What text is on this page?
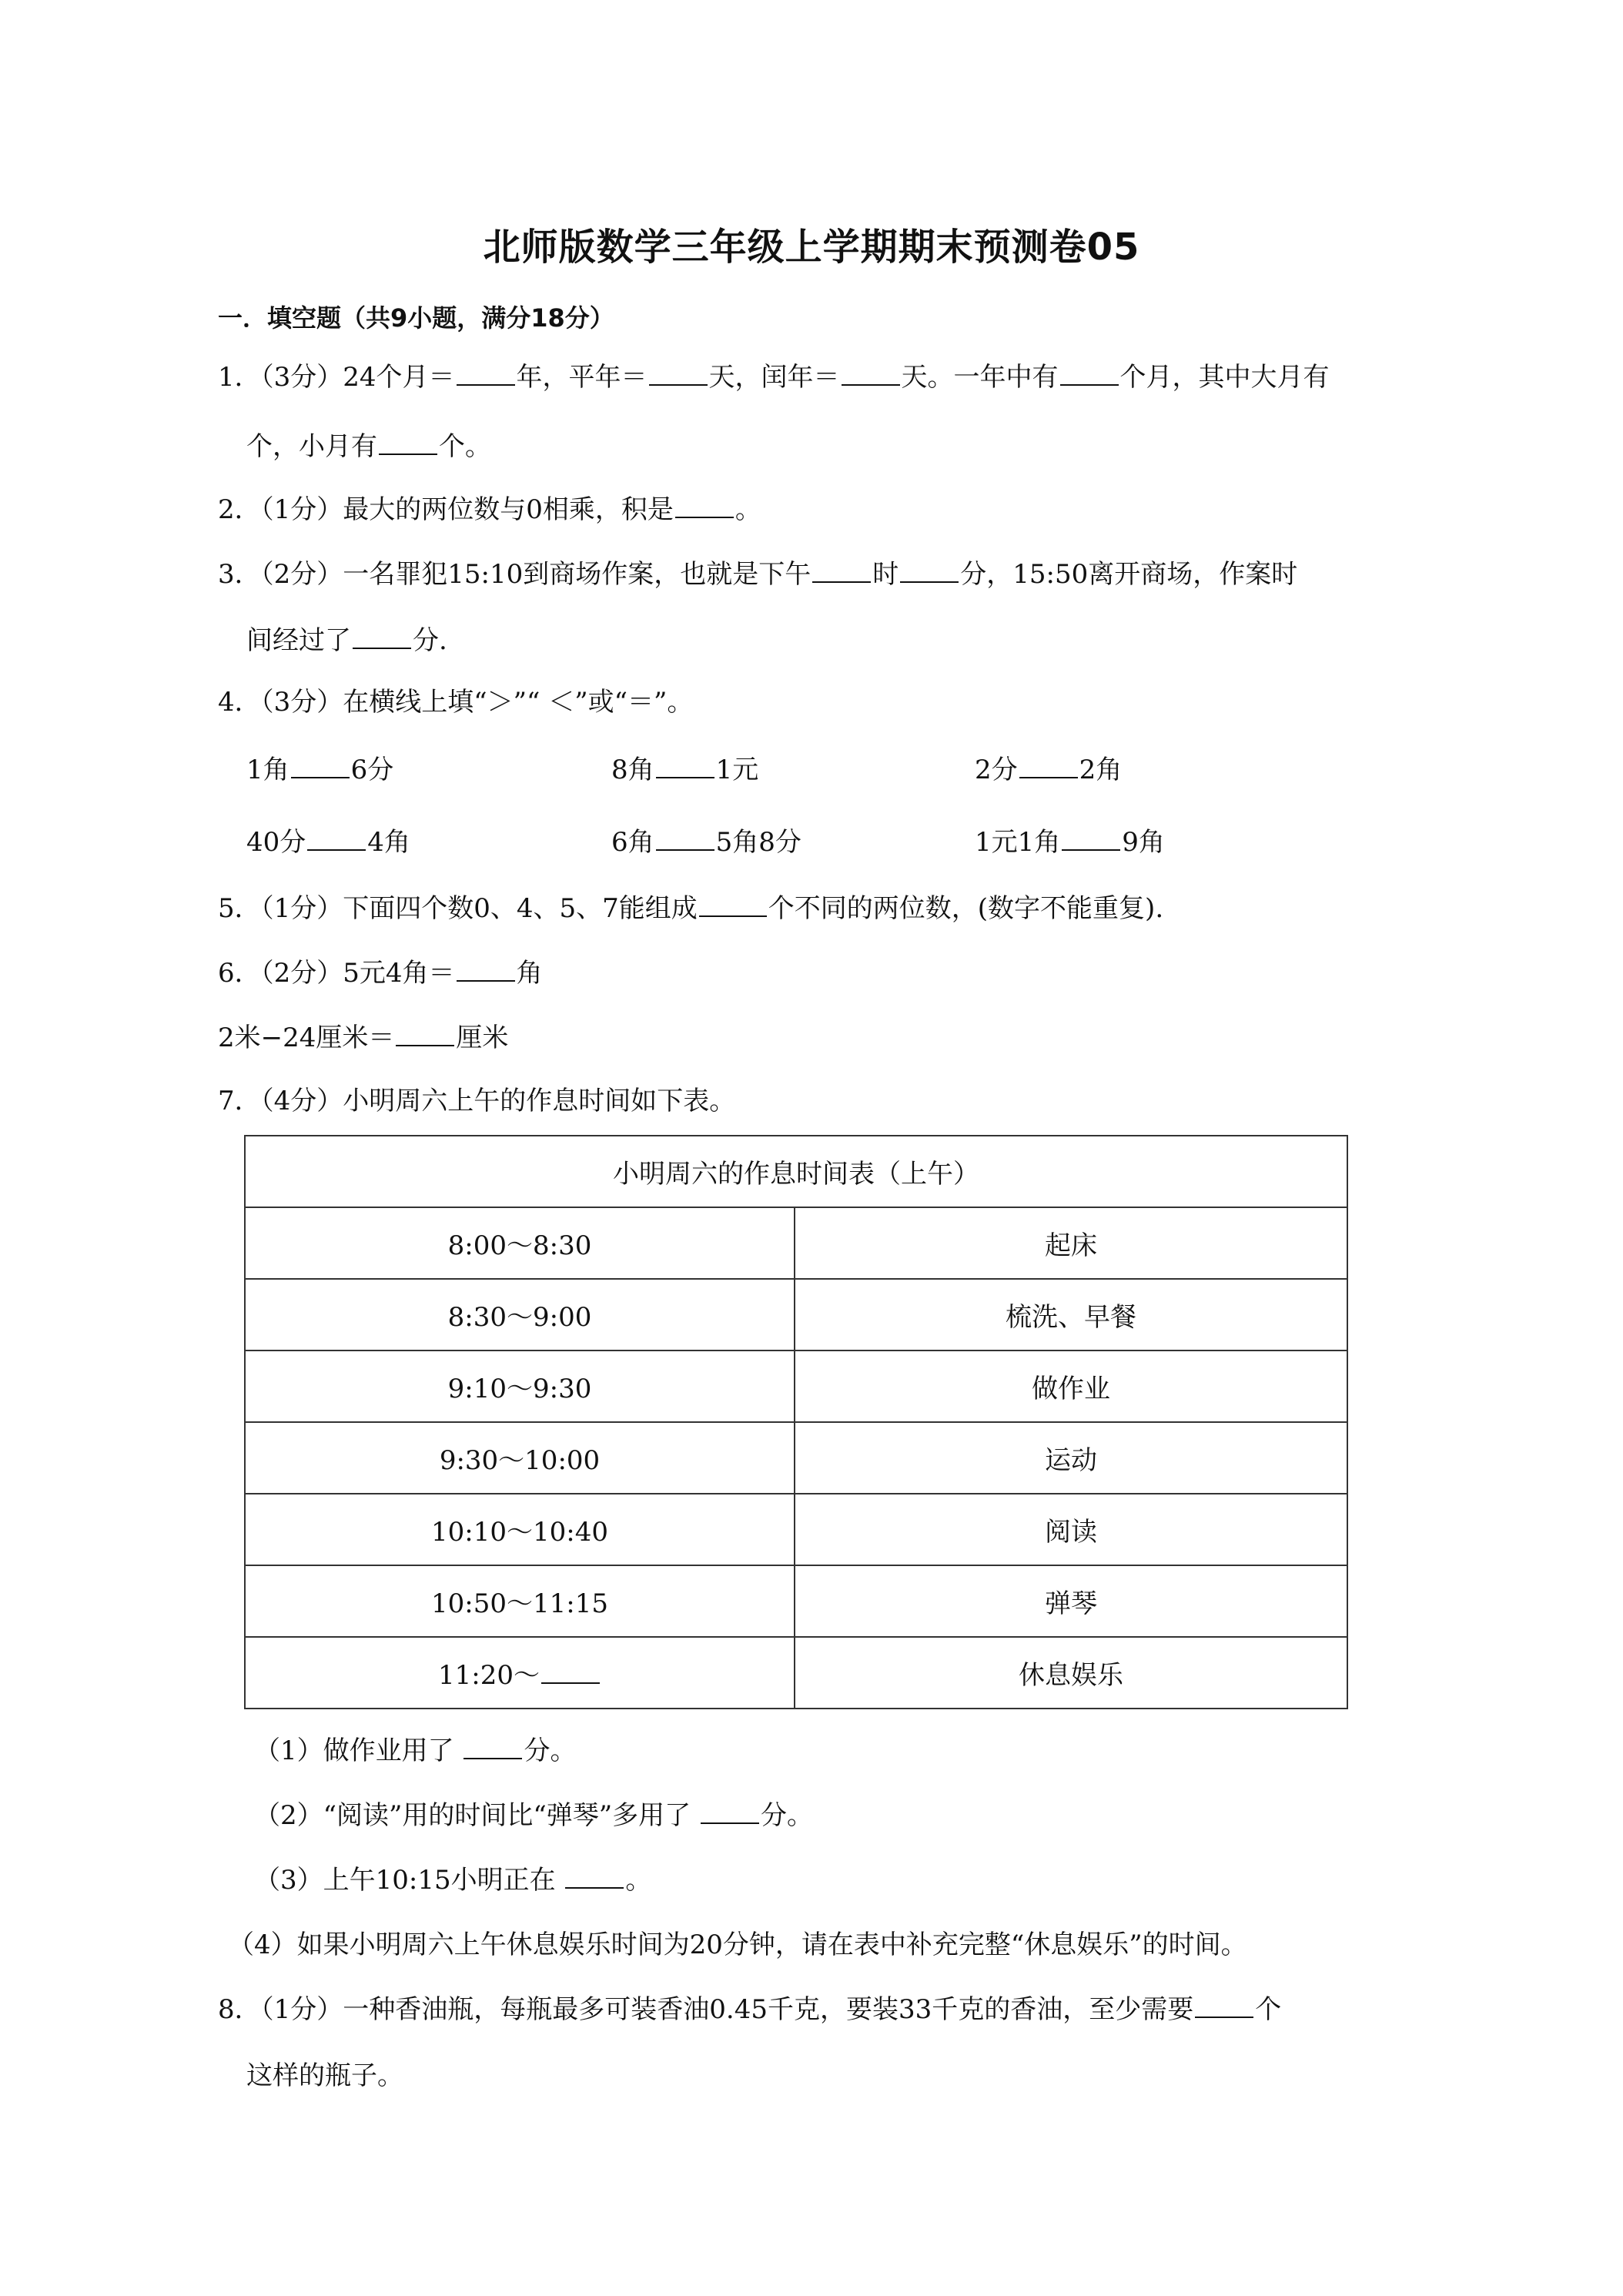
北师版数学三年级上学期期末预测卷05
一．填空题（共9小题，满分18分）
1．（3分）24个月＝ 年，平年＝ 天，闰年＝ 天。一年中有 个月，其中大月有
个，小月有 个。
2．（1分）最大的两位数与0相乘，积是 。
3．（2分）一名罪犯15:10到商场作案，也就是下午 时 分，15:50离开商场，作案时
间经过了 分.
4．（3分）在横线上填“＞”“ ＜”或“＝”。
1角 6分	8角 1元	2分 2角
40分 4角	6角 5角8分	1元1角 9角
5．（1分）下面四个数0、4、5、7能组成	个不同的两位数，(数字不能重复).
6．（2分）5元4角＝ 角
2米−24厘米＝ 厘米
7．（4分）小明周六上午的作息时间如下表。
小明周六的作息时间表（上午）	
8:00～8:30	起床
8:30～9:00	梳洗、早餐
9:10～9:30	做作业
9:30～10:00	运动
10:10～10:40	阅读
10:50～11:15	弹琴
11:20～	休息娱乐
（1）做作业用了 分。
（2）“阅读”用的时间比“弹琴”多用了 分。
（3）上午10:15小明正在 。
（4）如果小明周六上午休息娱乐时间为20分钟，请在表中补充完整“休息娱乐”的时间。
8．（1分）一种香油瓶，每瓶最多可装香油0.45千克，要装33千克的香油，至少需要 个
这样的瓶子。
